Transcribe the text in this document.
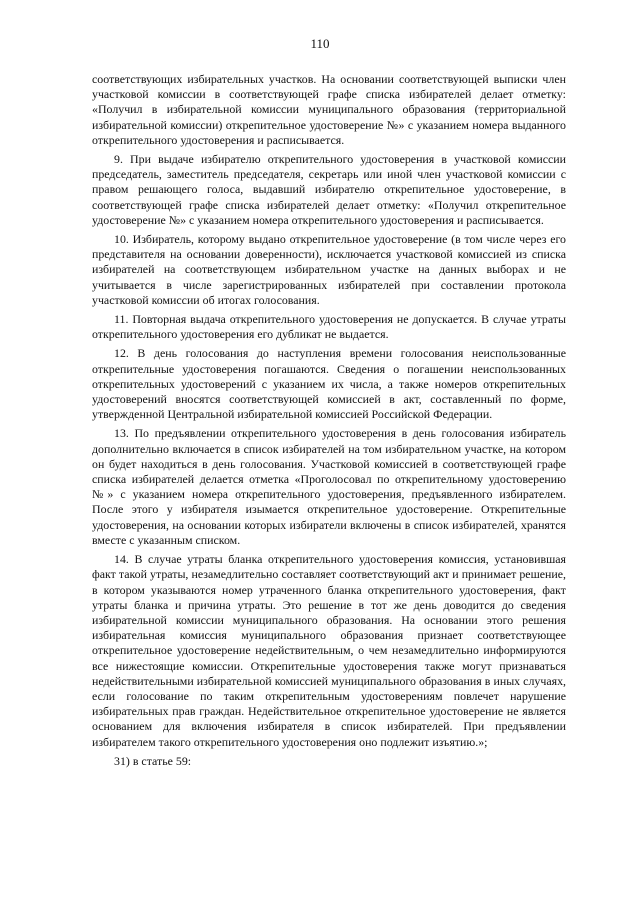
110

соответствующих избирательных участков. На основании соответствующей выписки член участковой комиссии в соответствующей графе списка избирателей делает отметку: «Получил в избирательной комиссии муниципального образования (территориальной избирательной комиссии) открепительное удостоверение №» с указанием номера выданного открепительного удостоверения и расписывается.

9. При выдаче избирателю открепительного удостоверения в участковой комиссии председатель, заместитель председателя, секретарь или иной член участковой комиссии с правом решающего голоса, выдавший избирателю открепительное удостоверение, в соответствующей графе списка избирателей делает отметку: «Получил открепительное удостоверение №» с указанием номера открепительного удостоверения и расписывается.

10. Избиратель, которому выдано открепительное удостоверение (в том числе через его представителя на основании доверенности), исключается участковой комиссией из списка избирателей на соответствующем избирательном участке на данных выборах и не учитывается в числе зарегистрированных избирателей при составлении протокола участковой комиссии об итогах голосования.

11. Повторная выдача открепительного удостоверения не допускается. В случае утраты открепительного удостоверения его дубликат не выдается.

12. В день голосования до наступления времени голосования неиспользованные открепительные удостоверения погашаются. Сведения о погашении неиспользованных открепительных удостоверений с указанием их числа, а также номеров открепительных удостоверений вносятся соответствующей комиссией в акт, составленный по форме, утвержденной Центральной избирательной комиссией Российской Федерации.

13. По предъявлении открепительного удостоверения в день голосования избиратель дополнительно включается в список избирателей на том избирательном участке, на котором он будет находиться в день голосования. Участковой комиссией в соответствующей графе списка избирателей делается отметка «Проголосовал по открепительному удостоверению №» с указанием номера открепительного удостоверения, предъявленного избирателем. После этого у избирателя изымается открепительное удостоверение. Открепительные удостоверения, на основании которых избиратели включены в список избирателей, хранятся вместе с указанным списком.

14. В случае утраты бланка открепительного удостоверения комиссия, установившая факт такой утраты, незамедлительно составляет соответствующий акт и принимает решение, в котором указываются номер утраченного бланка открепительного удостоверения, факт утраты бланка и причина утраты. Это решение в тот же день доводится до сведения избирательной комиссии муниципального образования. На основании этого решения избирательная комиссия муниципального образования признает соответствующее открепительное удостоверение недействительным, о чем незамедлительно информируются все нижестоящие комиссии. Открепительные удостоверения также могут признаваться недействительными избирательной комиссией муниципального образования в иных случаях, если голосование по таким открепительным удостоверениям повлечет нарушение избирательных прав граждан. Недействительное открепительное удостоверение не является основанием для включения избирателя в список избирателей. При предъявлении избирателем такого открепительного удостоверения оно подлежит изъятию.»;

31) в статье 59:
